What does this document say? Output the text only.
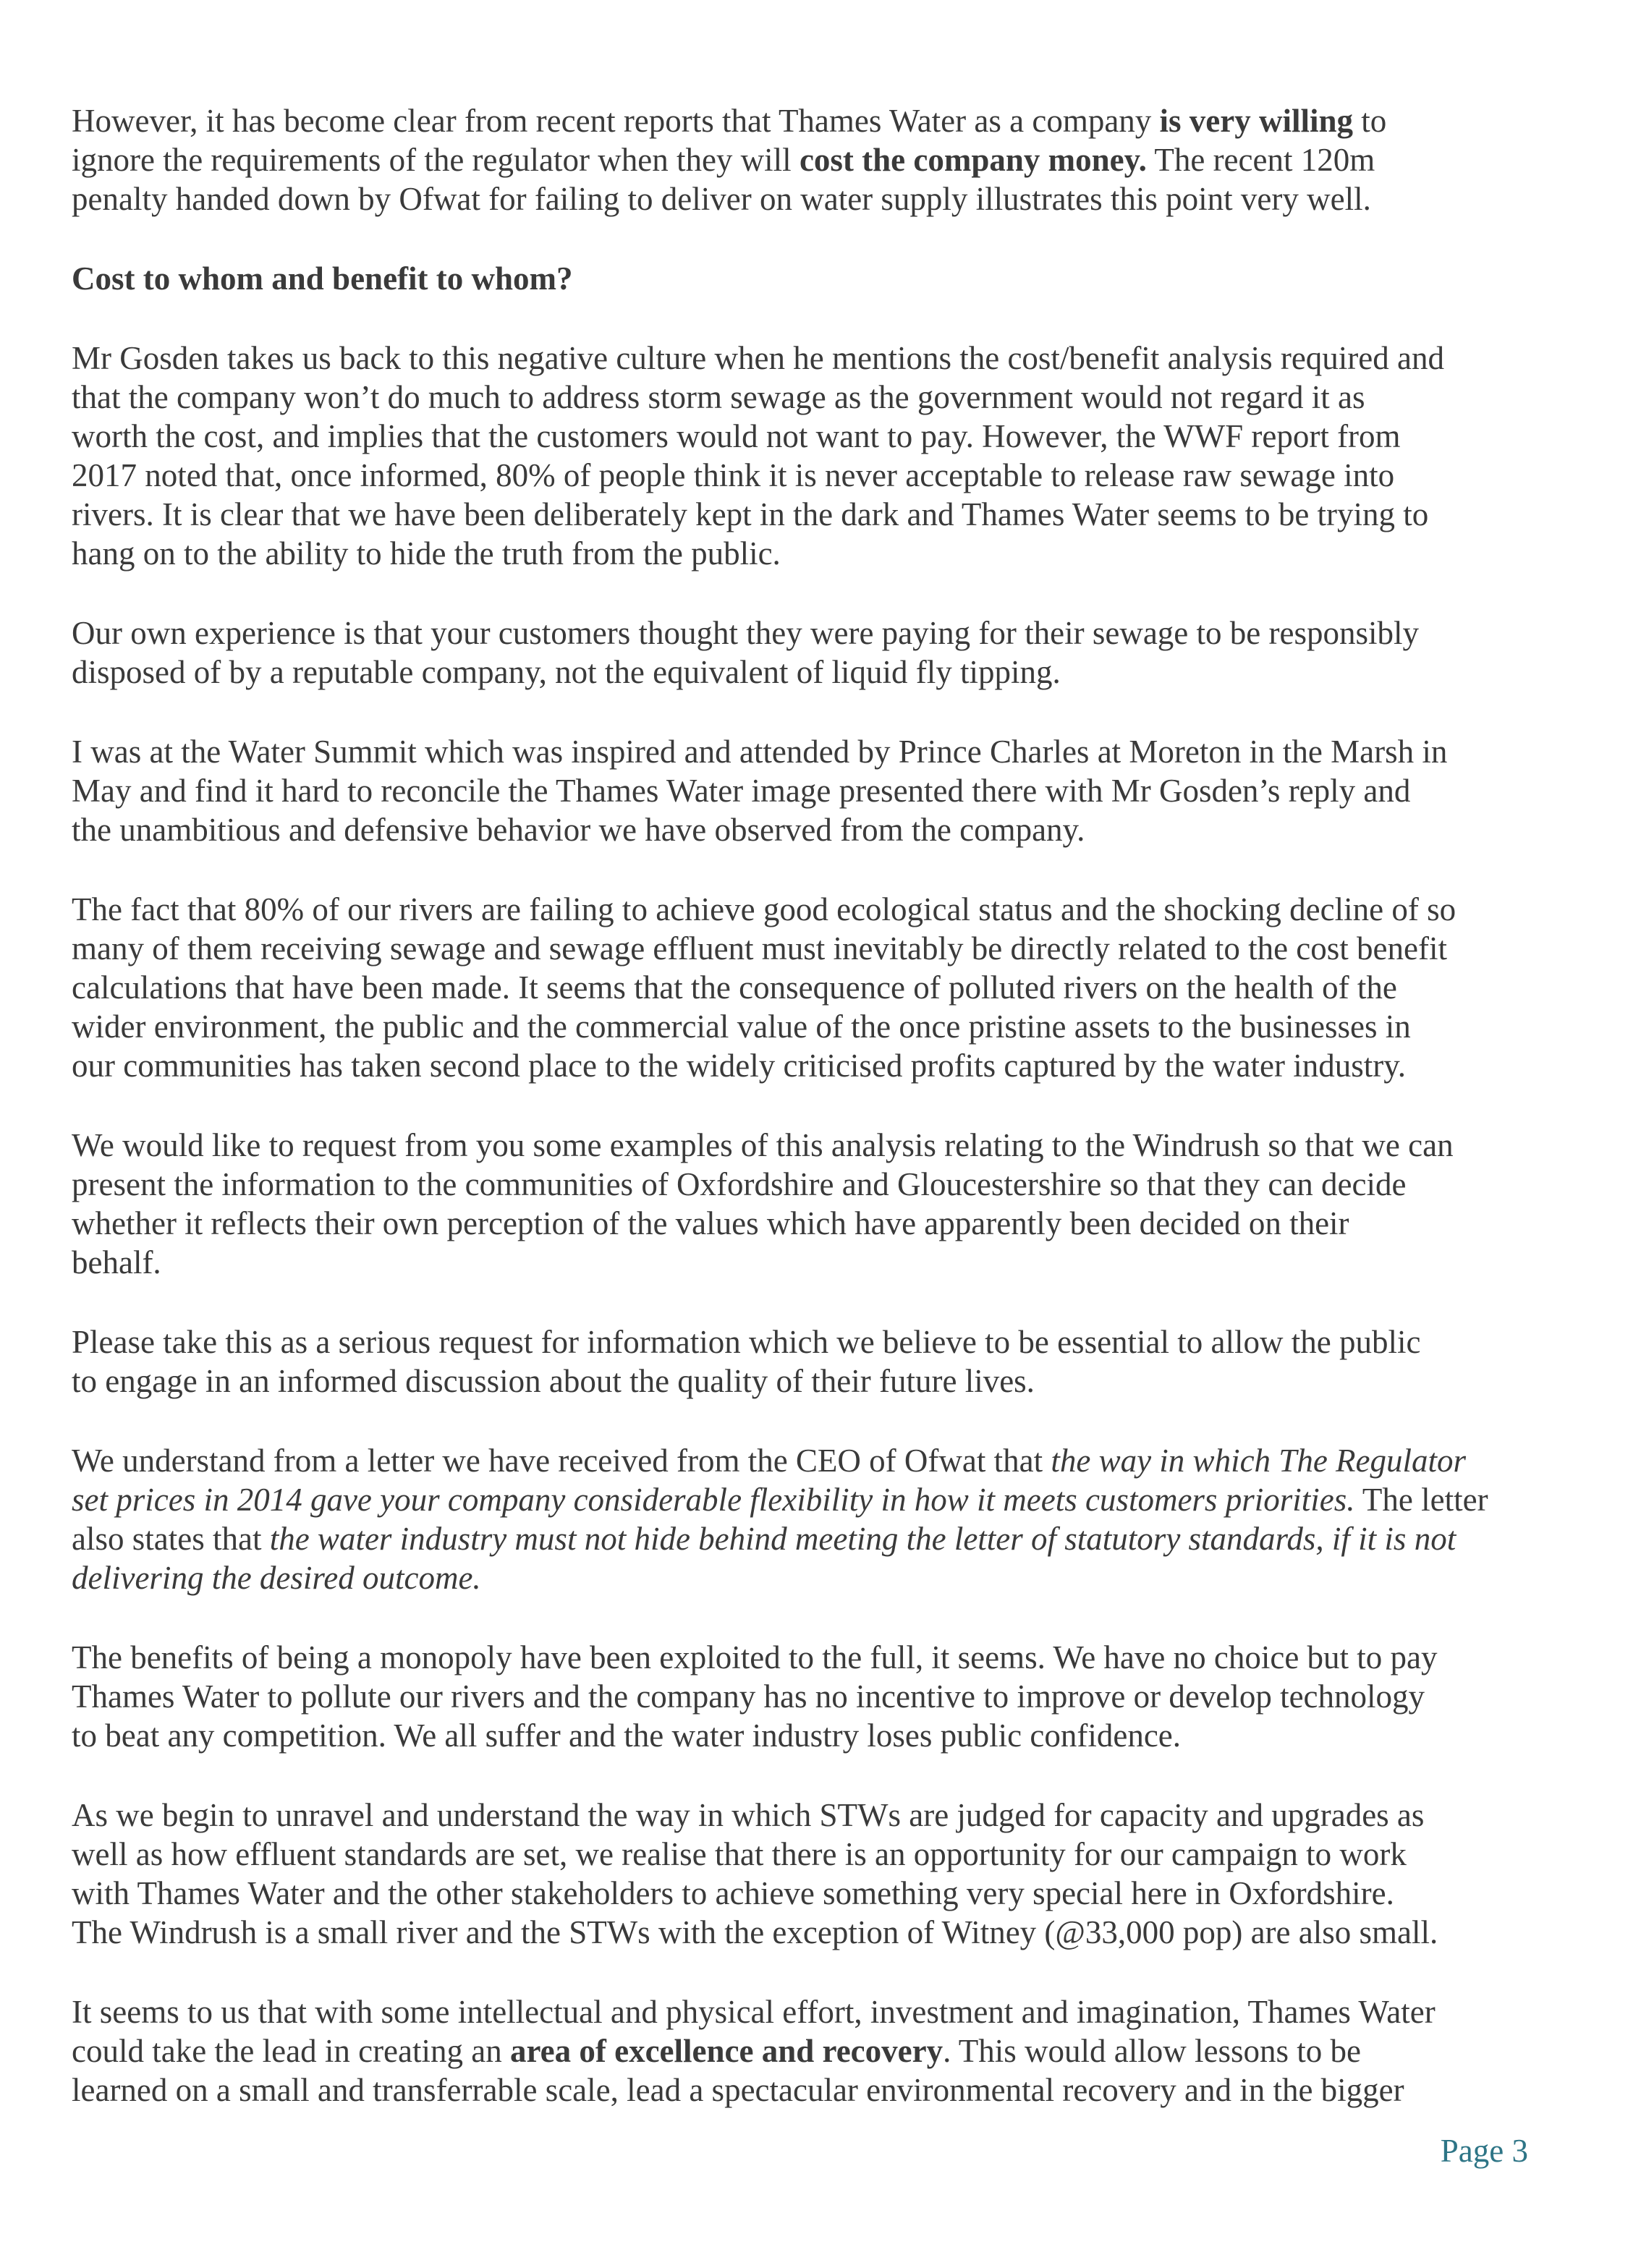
However, it has become clear from recent reports that Thames Water as a company is very willing to
ignore the requirements of the regulator when they will cost the company money. The recent 120m
penalty handed down by Ofwat for failing to deliver on water supply illustrates this point very well.

Cost to whom and benefit to whom?

Mr Gosden takes us back to this negative culture when he mentions the cost/benefit analysis required and
that the company won’t do much to address storm sewage as the government would not regard it as
worth the cost, and implies that the customers would not want to pay. However, the WWF report from
2017 noted that, once informed, 80% of people think it is never acceptable to release raw sewage into
rivers. It is clear that we have been deliberately kept in the dark and Thames Water seems to be trying to
hang on to the ability to hide the truth from the public.

Our own experience is that your customers thought they were paying for their sewage to be responsibly
disposed of by a reputable company, not the equivalent of liquid fly tipping.

I was at the Water Summit which was inspired and attended by Prince Charles at Moreton in the Marsh in
May and find it hard to reconcile the Thames Water image presented there with Mr Gosden’s reply and
the unambitious and defensive behavior we have observed from the company.

The fact that 80% of our rivers are failing to achieve good ecological status and the shocking decline of so
many of them receiving sewage and sewage effluent must inevitably be directly related to the cost benefit
calculations that have been made. It seems that the consequence of polluted rivers on the health of the
wider environment, the public and the commercial value of the once pristine assets to the businesses in
our communities has taken second place to the widely criticised profits captured by the water industry.

We would like to request from you some examples of this analysis relating to the Windrush so that we can
present the information to the communities of Oxfordshire and Gloucestershire so that they can decide
whether it reflects their own perception of the values which have apparently been decided on their
behalf.

Please take this as a serious request for information which we believe to be essential to allow the public
to engage in an informed discussion about the quality of their future lives.

We understand from a letter we have received from the CEO of Ofwat that the way in which The Regulator
set prices in 2014 gave your company considerable flexibility in how it meets customers priorities. The letter
also states that the water industry must not hide behind meeting the letter of statutory standards, if it is not
delivering the desired outcome.

The benefits of being a monopoly have been exploited to the full, it seems. We have no choice but to pay
Thames Water to pollute our rivers and the company has no incentive to improve or develop technology
to beat any competition. We all suffer and the water industry loses public confidence.

As we begin to unravel and understand the way in which STWs are judged for capacity and upgrades as
well as how effluent standards are set, we realise that there is an opportunity for our campaign to work
with Thames Water and the other stakeholders to achieve something very special here in Oxfordshire.
The Windrush is a small river and the STWs with the exception of Witney (@33,000 pop) are also small.

It seems to us that with some intellectual and physical effort, investment and imagination, Thames Water
could take the lead in creating an area of excellence and recovery. This would allow lessons to be
learned on a small and transferrable scale, lead a spectacular environmental recovery and in the bigger

Page 3
